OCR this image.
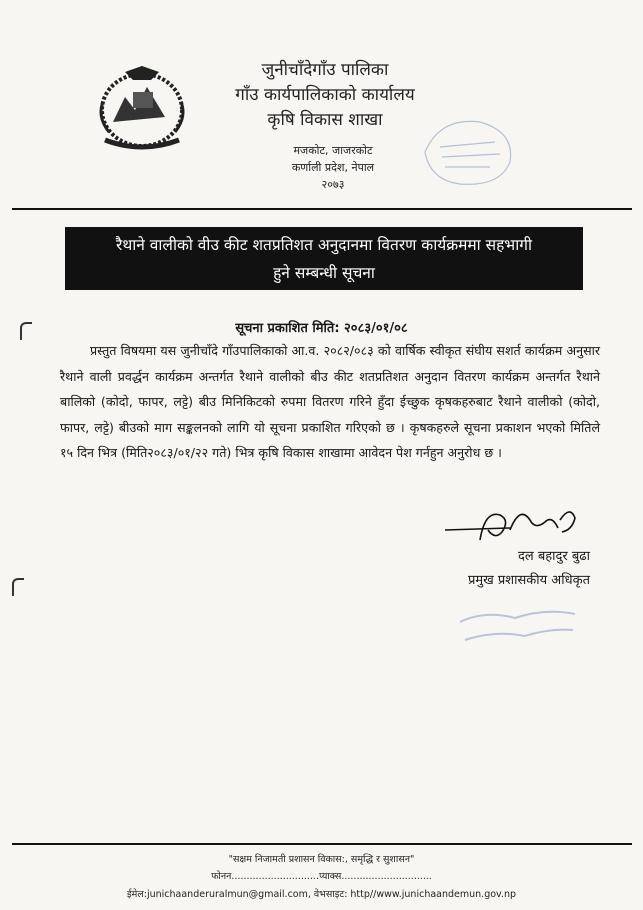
जुनीचाँदेगाँउ पालिका
गाँउ कार्यपालिकाको कार्यालय
कृषि विकास शाखा
मजकोट, जाजरकोट
कर्णाली प्रदेश, नेपाल
२०७३
रैथाने वालीको वीउ कीट शतप्रतिशत अनुदानमा वितरण कार्यक्रममा सहभागी
हुने सम्बन्धी सूचना
सूचना प्रकाशित मिति: २०८३/०१/०८

प्रस्तुत विषयमा यस जुनीचाँदे गाँउपालिकाको आ.व. २०८२/०८३ को वार्षिक स्वीकृत संघीय सशर्त कार्यक्रम अनुसार रैथाने वाली प्रवर्द्धन कार्यक्रम अन्तर्गत रैथाने वालीको बीउ कीट शतप्रतिशत अनुदान वितरण कार्यक्रम अन्तर्गत रैथाने बालिको (कोदो, फापर, लट्टे) बीउ मिनिकिटको रुपमा वितरण गरिने हुँदा ईच्छुक कृषकहरुबाट रैथाने वालीको (कोदो, फापर, लट्टे) बीउको माग सङ्कलनको लागि यो सूचना प्रकाशित गरिएको छ । कृषकहरुले सूचना प्रकाशन भएको मितिले १५ दिन भित्र (मिति२०८३/०१/२२ गते) भित्र कृषि विकास शाखामा आवेदन पेश गर्नहुन अनुरोध छ ।

दल बहादुर बुढा
प्रमुख प्रशासकीय अधिकृत
"सक्षम निजामती प्रशासन विकास:, समृद्धि र सुशासन"
फोनन.............................प्याक्स..............................
ईमेल:junichaanderuralmun@gmail.com, वेभसाइट: http//www.junichaandemun.gov.np
